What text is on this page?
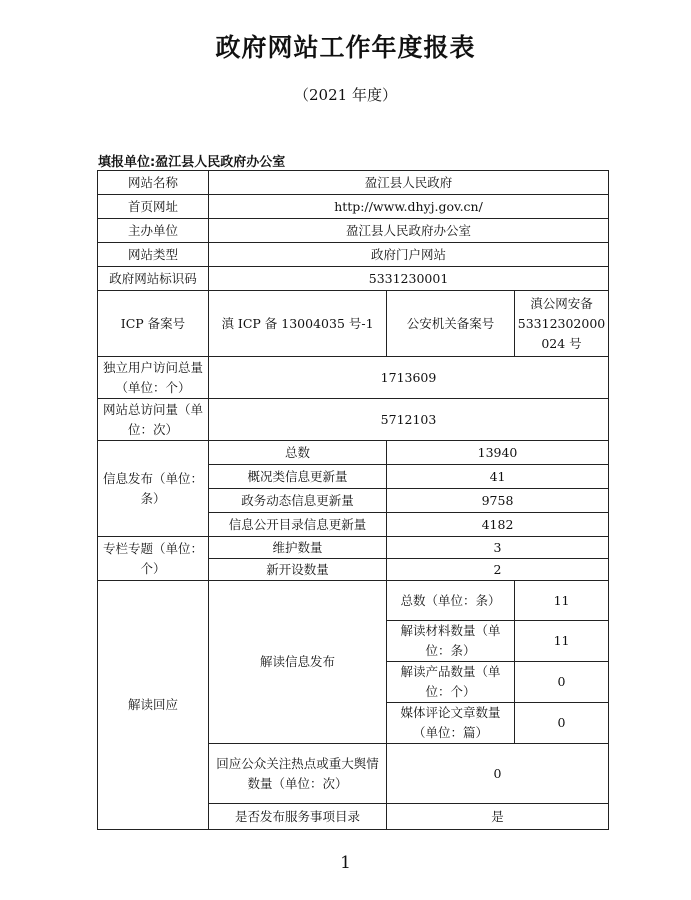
政府网站工作年度报表
（2021 年度）
填报单位:盈江县人民政府办公室
网站名称	盈江县人民政府		
首页网址	http://www.dhyj.gov.cn/		
主办单位	盈江县人民政府办公室		
网站类型	政府门户网站		
政府网站标识码	5331230001		
ICP 备案号	滇 ICP 备 13004035 号-1	公安机关备案号	滇公网安备 53312302000 024 号
独立用户访问总量（单位：个）	1713609		
网站总访问量（单位：次）	5712103		
信息发布（单位：条）	总数	13940	
	概况类信息更新量	41	
	政务动态信息更新量	9758	
	信息公开目录信息更新量	4182	
专栏专题（单位：个）	维护数量	3	
	新开设数量	2	
解读回应	解读信息发布	总数（单位：条）	11
		解读材料数量（单位：条）	11
		解读产品数量（单位：个）	0
		媒体评论文章数量（单位：篇）	0
	回应公众关注热点或重大舆情数量（单位：次）	0	
	是否发布服务事项目录	是	
1
